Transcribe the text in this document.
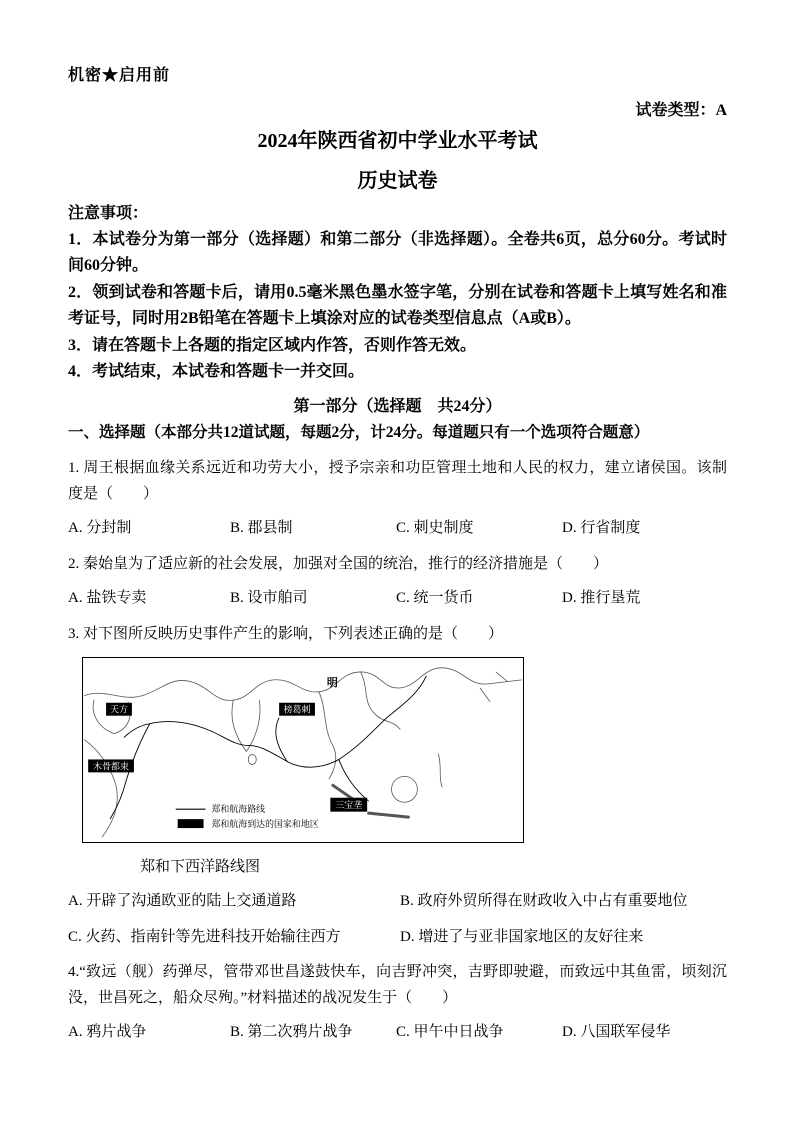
机密★启用前
试卷类型：A
2024年陕西省初中学业水平考试
历史试卷
注意事项：

1．本试卷分为第一部分（选择题）和第二部分（非选择题）。全卷共6页，总分60分。考试时间60分钟。

2．领到试卷和答题卡后，请用0.5毫米黑色墨水签字笔，分别在试卷和答题卡上填写姓名和准考证号，同时用2B铅笔在答题卡上填涂对应的试卷类型信息点（A或B）。

3．请在答题卡上各题的指定区域内作答，否则作答无效。

4．考试结束，本试卷和答题卡一并交回。

第一部分（选择题　共24分）
一、选择题（本部分共12道试题，每题2分，计24分。每道题只有一个选项符合题意）

1. 周王根据血缘关系远近和功劳大小，授予宗亲和功臣管理土地和人民的权力，建立诸侯国。该制度是（　　）

A. 分封制	B. 郡县制	C. 刺史制度	D. 行省制度

2. 秦始皇为了适应新的社会发展，加强对全国的统治，推行的经济措施是（　　）

A. 盐铁专卖	B. 设市舶司	C. 统一货币	D. 推行垦荒

3. 对下图所反映历史事件产生的影响，下列表述正确的是（　　）

明
天方	榜葛剌
木骨都束
三宝垄
郑和航海路线
郑和航海到达的国家和地区
郑和下西洋路线图
A. 开辟了沟通欧亚的陆上交通道路	B. 政府外贸所得在财政收入中占有重要地位
C. 火药、指南针等先进科技开始输往西方	D. 增进了与亚非国家地区的友好往来

4.“致远（舰）药弹尽，管带邓世昌遂鼓快车，向吉野冲突，吉野即驶避，而致远中其鱼雷，顷刻沉没，世昌死之，船众尽殉。”材料描述的战况发生于（　　）

A. 鸦片战争	B. 第二次鸦片战争	C. 甲午中日战争	D. 八国联军侵华
